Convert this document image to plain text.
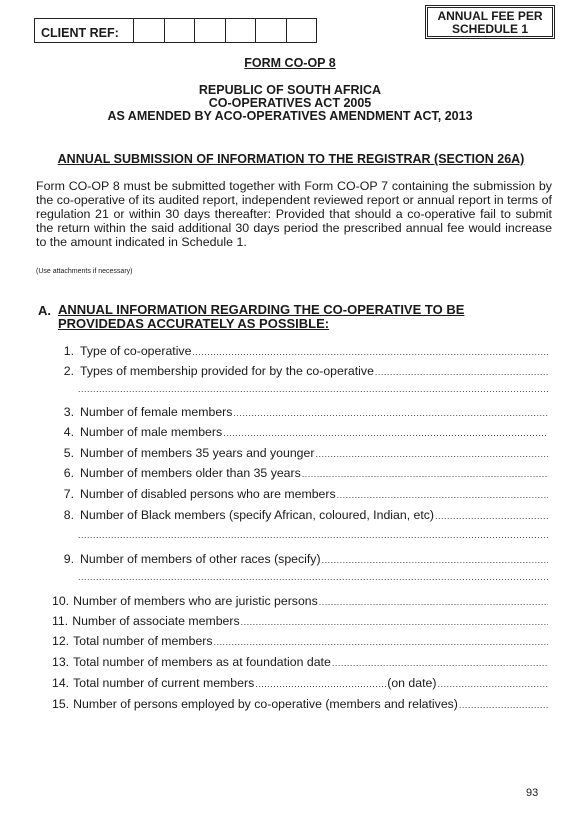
CLIENT REF:
ANNUAL FEE PER
SCHEDULE 1
FORM CO-OP 8
REPUBLIC OF SOUTH AFRICA
CO-OPERATIVES ACT 2005
AS AMENDED BY ACO-OPERATIVES AMENDMENT ACT, 2013
ANNUAL SUBMISSION OF INFORMATION TO THE REGISTRAR (SECTION 26A)
Form CO-OP 8 must be submitted together with Form CO-OP 7 containing the submission by the co-operative of its audited report, independent reviewed report or annual report in terms of regulation 21 or within 30 days thereafter: Provided that should a co-operative fail to submit the return within the said additional 30 days period the prescribed annual fee would increase to the amount indicated in Schedule 1.
(Use attachments if necessary)
A. ANNUAL INFORMATION REGARDING THE CO-OPERATIVE TO BE PROVIDEDAS ACCURATELY AS POSSIBLE:
1. Type of co-operative
.....
2. Types of membership provided for by the co-operative
.....
.....
3. Number of female members
.....
4. Number of male members
.....
5. Number of members 35 years and younger
.....
6. Number of members older than 35 years
.....
7. Number of disabled persons who are members
.....
8. Number of Black members (specify African, coloured, Indian, etc)
.....
.....
9. Number of members of other races (specify)
.....
.....
10. Number of members who are juristic persons
.....
11. Number of associate members
.....
12. Total number of members
.....
13. Total number of members as at foundation date
.....
14. Total number of current members
.....	(on date)
.....
15. Number of persons employed by co-operative (members and relatives)
.....
93
